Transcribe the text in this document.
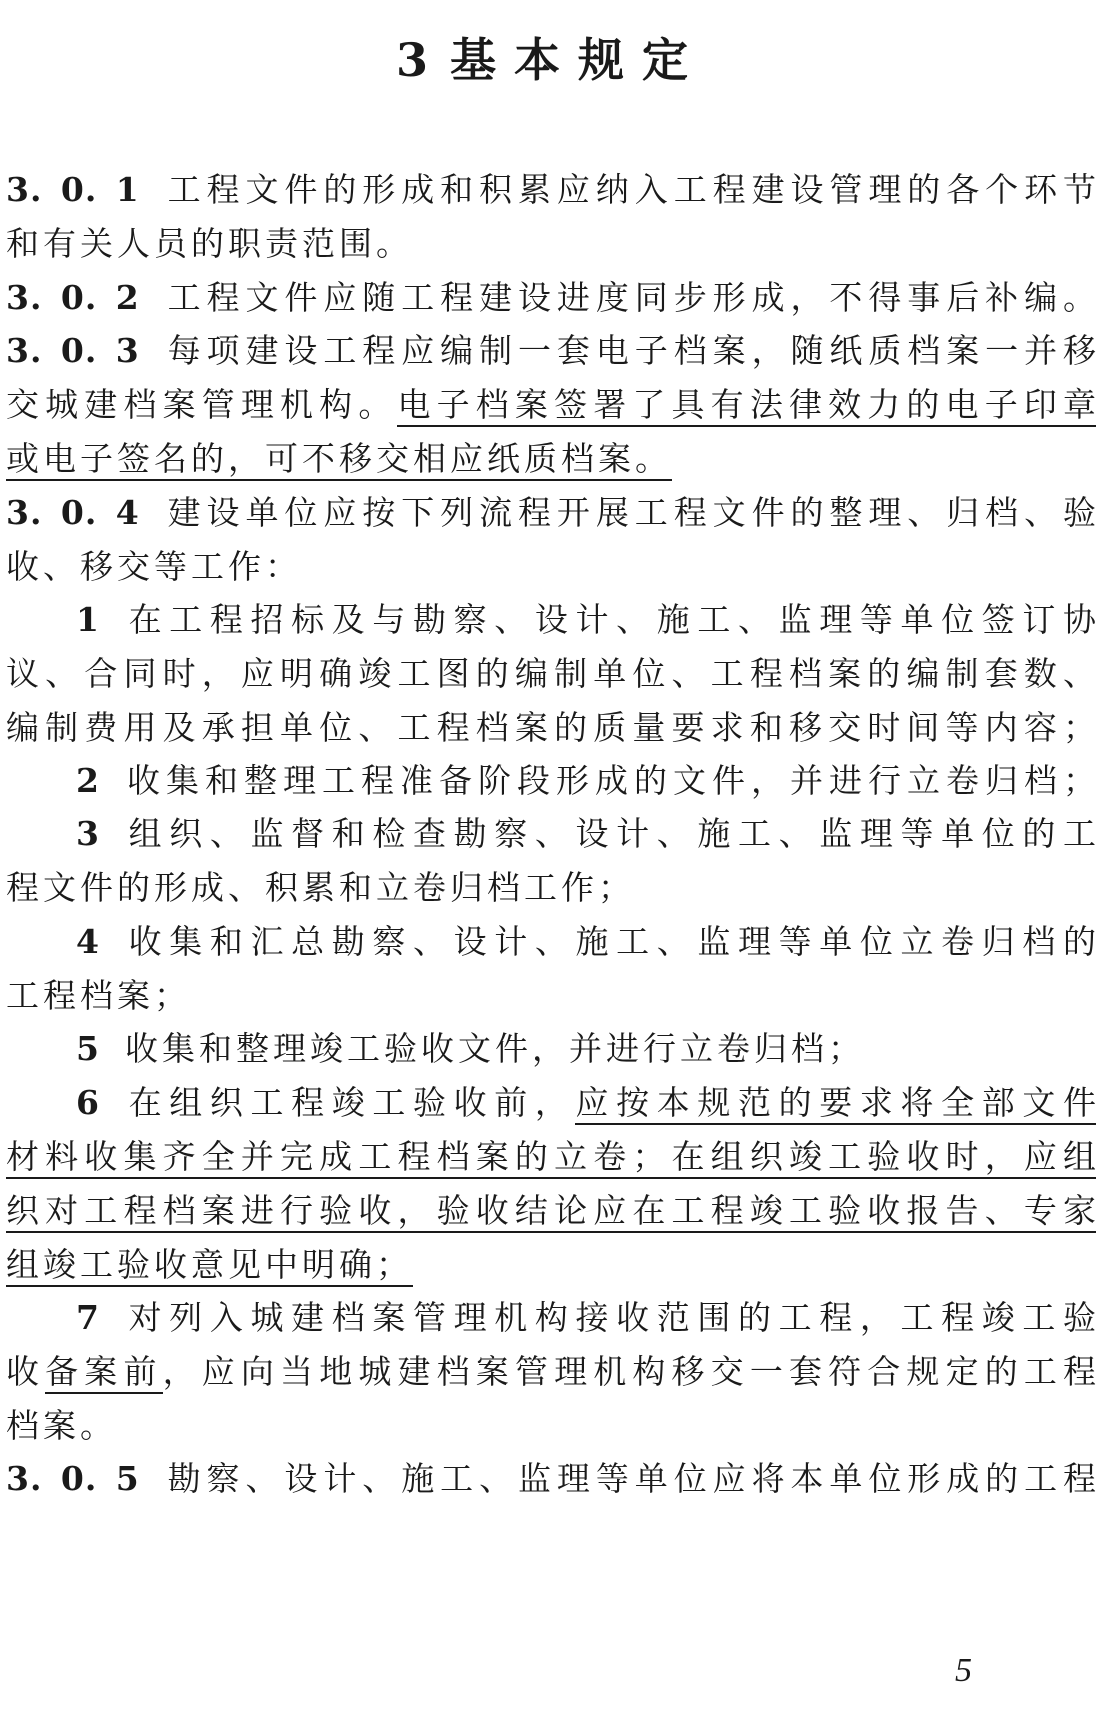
3 基本规定
3. 0. 1 工程文件的形成和积累应纳入工程建设管理的各个环节
和有关人员的职责范围。
3. 0. 2 工程文件应随工程建设进度同步形成，不得事后补编。
3. 0. 3 每项建设工程应编制一套电子档案，随纸质档案一并移
交城建档案管理机构。电子档案签署了具有法律效力的电子印章
或电子签名的，可不移交相应纸质档案。
3. 0. 4 建设单位应按下列流程开展工程文件的整理、归档、验
收、移交等工作：
1 在工程招标及与勘察、设计、施工、监理等单位签订协
议、合同时，应明确竣工图的编制单位、工程档案的编制套数、
编制费用及承担单位、工程档案的质量要求和移交时间等内容；
2 收集和整理工程准备阶段形成的文件，并进行立卷归档；
3 组织、监督和检查勘察、设计、施工、监理等单位的工
程文件的形成、积累和立卷归档工作；
4 收集和汇总勘察、设计、施工、监理等单位立卷归档的
工程档案；
5 收集和整理竣工验收文件，并进行立卷归档；
6 在组织工程竣工验收前，应按本规范的要求将全部文件
材料收集齐全并完成工程档案的立卷；在组织竣工验收时，应组
织对工程档案进行验收，验收结论应在工程竣工验收报告、专家
组竣工验收意见中明确；
7 对列入城建档案管理机构接收范围的工程，工程竣工验
收备案前，应向当地城建档案管理机构移交一套符合规定的工程
档案。
3. 0. 5 勘察、设计、施工、监理等单位应将本单位形成的工程
5
